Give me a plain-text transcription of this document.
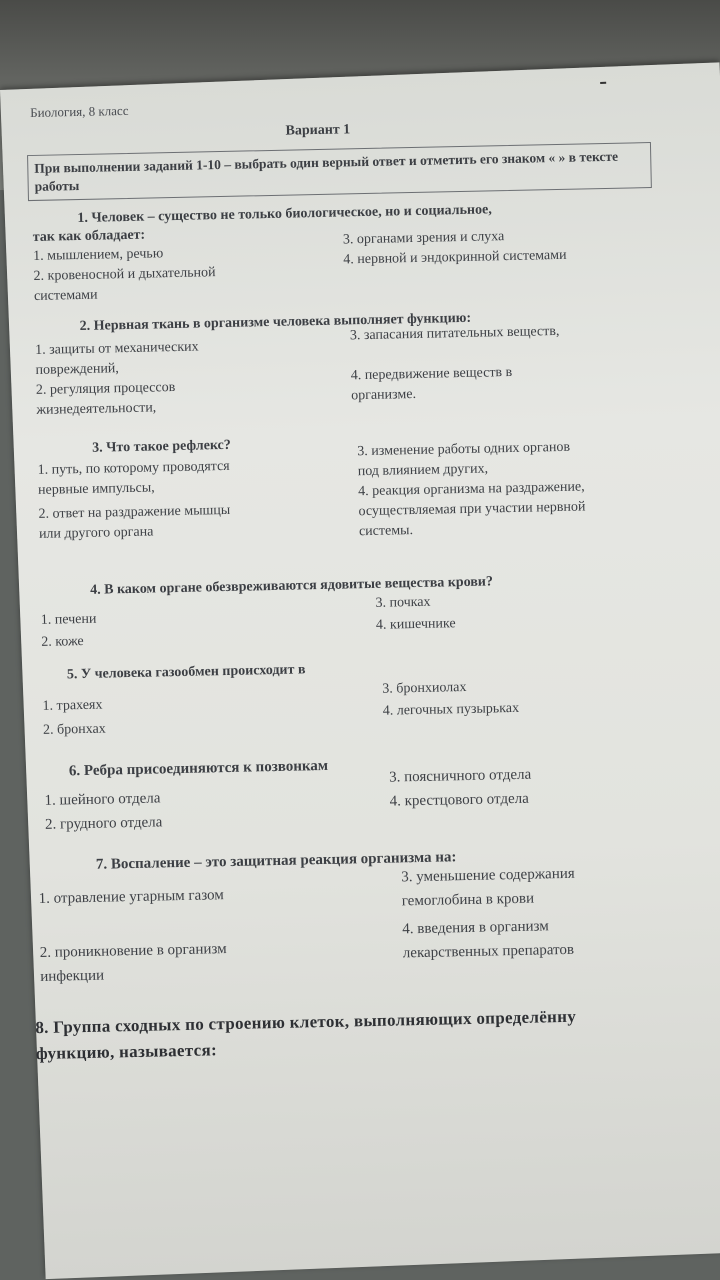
Биология, 8 класс
Вариант 1
При выполнении заданий 1-10 – выбрать один верный ответ и отметить его знаком « » в тексте работы
1. Человек – существо не только биологическое, но и социальное,
так как обладает:
1. мышлением, речью
2. кровеносной и дыхательной
системами
3. органами зрения и слуха
4. нервной и эндокринной системами
2. Нервная ткань в организме человека выполняет функцию:
1. защиты от механических
повреждений,
2. регуляция процессов
жизнедеятельности,
3. запасания питательных веществ,
4. передвижение веществ в
организме.
3. Что такое рефлекс?
1. путь, по которому проводятся
нервные импульсы,
2. ответ на раздражение мышцы
или другого органа
3. изменение работы одних органов
под влиянием других,
4. реакция организма на раздражение,
осуществляемая при участии нервной
системы.
4. В каком органе обезвреживаются ядовитые вещества крови?
1. печени
2. коже
3. почках
4. кишечнике
5. У человека газообмен происходит в
1. трахеях
2. бронхах
3. бронхиолах
4. легочных пузырьках
6. Ребра присоединяются к позвонкам
1. шейного отдела
2. грудного отдела
3. поясничного отдела
4. крестцового отдела
7. Воспаление – это защитная реакция организма на:
1. отравление угарным газом
2. проникновение в организм
инфекции
3. уменьшение содержания
гемоглобина в крови
4. введения в организм
лекарственных препаратов
8. Группа сходных по строению клеток, выполняющих определённу
функцию, называется:
